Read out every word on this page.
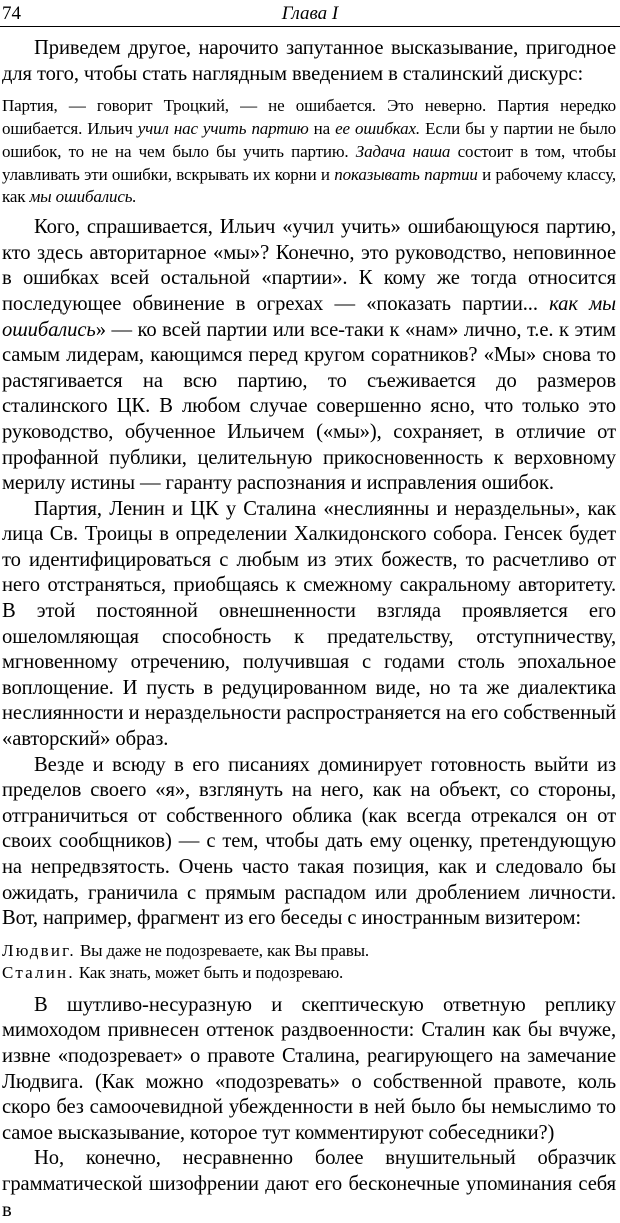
74	Глава I

Приведем другое, нарочито запутанное высказывание, пригодное для того, чтобы стать наглядным введением в сталинский дискурс:

Партия, — говорит Троцкий, — не ошибается. Это неверно. Партия нередко ошибается. Ильич учил нас учить партию на ее ошибках. Если бы у партии не было ошибок, то не на чем было бы учить партию. Задача наша состоит в том, чтобы улавливать эти ошибки, вскрывать их корни и показывать партии и рабочему классу, как мы ошибались.

Кого, спрашивается, Ильич «учил учить» ошибающуюся партию, кто здесь авторитарное «мы»? Конечно, это руководство, неповинное в ошибках всей остальной «партии». К кому же тогда относится последующее обвинение в огрехах — «показать партии... как мы ошибались» — ко всей партии или все-таки к «нам» лично, т.е. к этим самым лидерам, кающимся перед кругом соратников? «Мы» снова то растягивается на всю партию, то съеживается до размеров сталинского ЦК. В любом случае совершенно ясно, что только это руководство, обученное Ильичем («мы»), сохраняет, в отличие от профанной публики, целительную прикосновенность к верховному мерилу истины — гаранту распознания и исправления ошибок.

Партия, Ленин и ЦК у Сталина «неслиянны и нераздельны», как лица Св. Троицы в определении Халкидонского собора. Генсек будет то идентифицироваться с любым из этих божеств, то расчетливо от него отстраняться, приобщаясь к смежному сакральному авторитету. В этой постоянной овнешненности взгляда проявляется его ошеломляющая способность к предательству, отступничеству, мгновенному отречению, получившая с годами столь эпохальное воплощение. И пусть в редуцированном виде, но та же диалектика неслиянности и нераздельности распространяется на его собственный «авторский» образ.

Везде и всюду в его писаниях доминирует готовность выйти из пределов своего «я», взглянуть на него, как на объект, со стороны, отграничиться от собственного облика (как всегда отрекался он от своих сообщников) — с тем, чтобы дать ему оценку, претендующую на непредвзятость. Очень часто такая позиция, как и следовало бы ожидать, граничила с прямым распадом или дроблением личности. Вот, например, фрагмент из его беседы с иностранным визитером:

Людвиг. Вы даже не подозреваете, как Вы правы.
Сталин. Как знать, может быть и подозреваю.

В шутливо-несуразную и скептическую ответную реплику мимоходом привнесен оттенок раздвоенности: Сталин как бы вчуже, извне «подозревает» о правоте Сталина, реагирующего на замечание Людвига. (Как можно «подозревать» о собственной правоте, коль скоро без самоочевидной убежденности в ней было бы немыслимо то самое высказывание, которое тут комментируют собеседники?)

Но, конечно, несравненно более внушительный образчик грамматической шизофрении дают его бесконечные упоминания себя в
